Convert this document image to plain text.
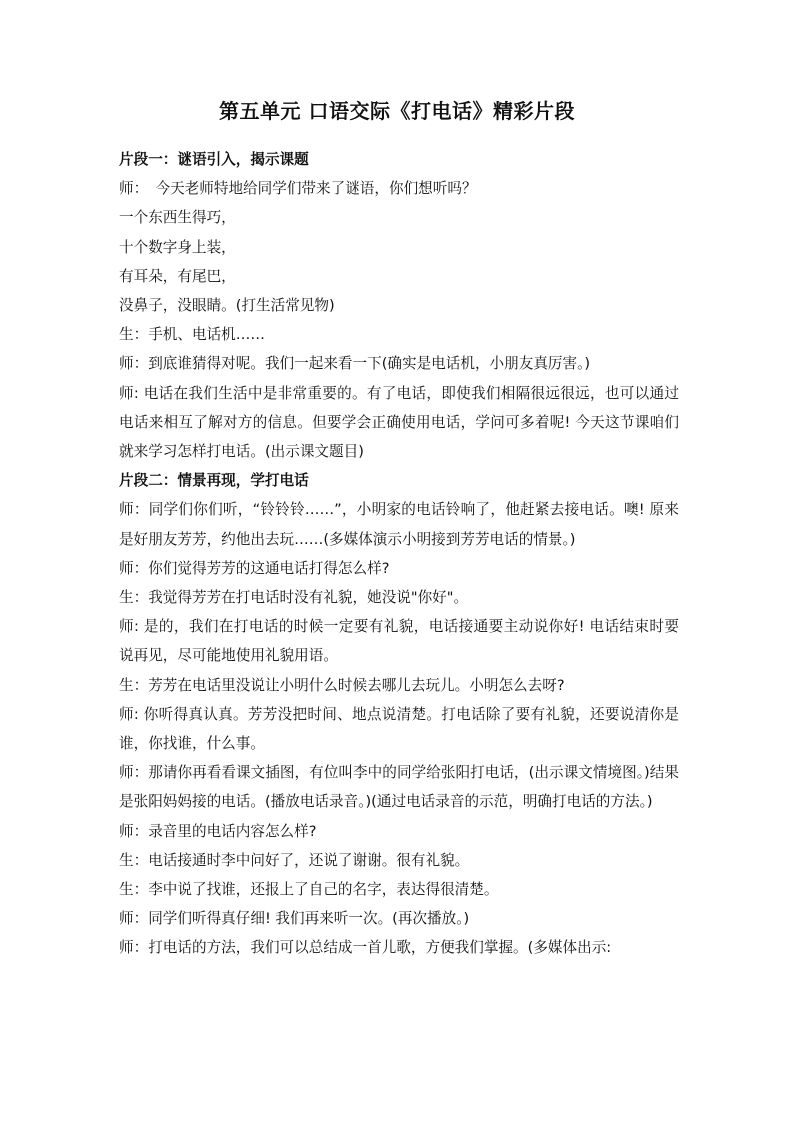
第五单元 口语交际《打电话》精彩片段

片段一：谜语引入，揭示课题

师：　今天老师特地给同学们带来了谜语，你们想听吗？

一个东西生得巧，

十个数字身上装，

有耳朵，有尾巴，

没鼻子，没眼睛。(打生活常见物)

生：手机、电话机……

师：到底谁猜得对呢。我们一起来看一下(确实是电话机，小朋友真厉害。)

师: 电话在我们生活中是非常重要的。有了电话，即使我们相隔很远很远，也可以通过电话来相互了解对方的信息。但要学会正确使用电话，学问可多着呢! 今天这节课咱们就来学习怎样打电话。(出示课文题目)

片段二：情景再现，学打电话

师：同学们你们听，“铃铃铃……”，小明家的电话铃响了，他赶紧去接电话。噢! 原来是好朋友芳芳，约他出去玩……(多媒体演示小明接到芳芳电话的情景。)

师：你们觉得芳芳的这通电话打得怎么样?

生：我觉得芳芳在打电话时没有礼貌，她没说"你好"。

师: 是的，我们在打电话的时候一定要有礼貌，电话接通要主动说你好! 电话结束时要说再见，尽可能地使用礼貌用语。

生：芳芳在电话里没说让小明什么时候去哪儿去玩儿。小明怎么去呀?

师: 你听得真认真。芳芳没把时间、地点说清楚。打电话除了要有礼貌，还要说清你是谁，你找谁，什么事。

师：那请你再看看课文插图，有位叫李中的同学给张阳打电话，(出示课文情境图。)结果是张阳妈妈接的电话。(播放电话录音。)(通过电话录音的示范，明确打电话的方法。)

师：录音里的电话内容怎么样?

生：电话接通时李中问好了，还说了谢谢。很有礼貌。

生：李中说了找谁，还报上了自己的名字，表达得很清楚。

师：同学们听得真仔细! 我们再来听一次。(再次播放。)

师：打电话的方法，我们可以总结成一首儿歌，方便我们掌握。(多媒体出示:
